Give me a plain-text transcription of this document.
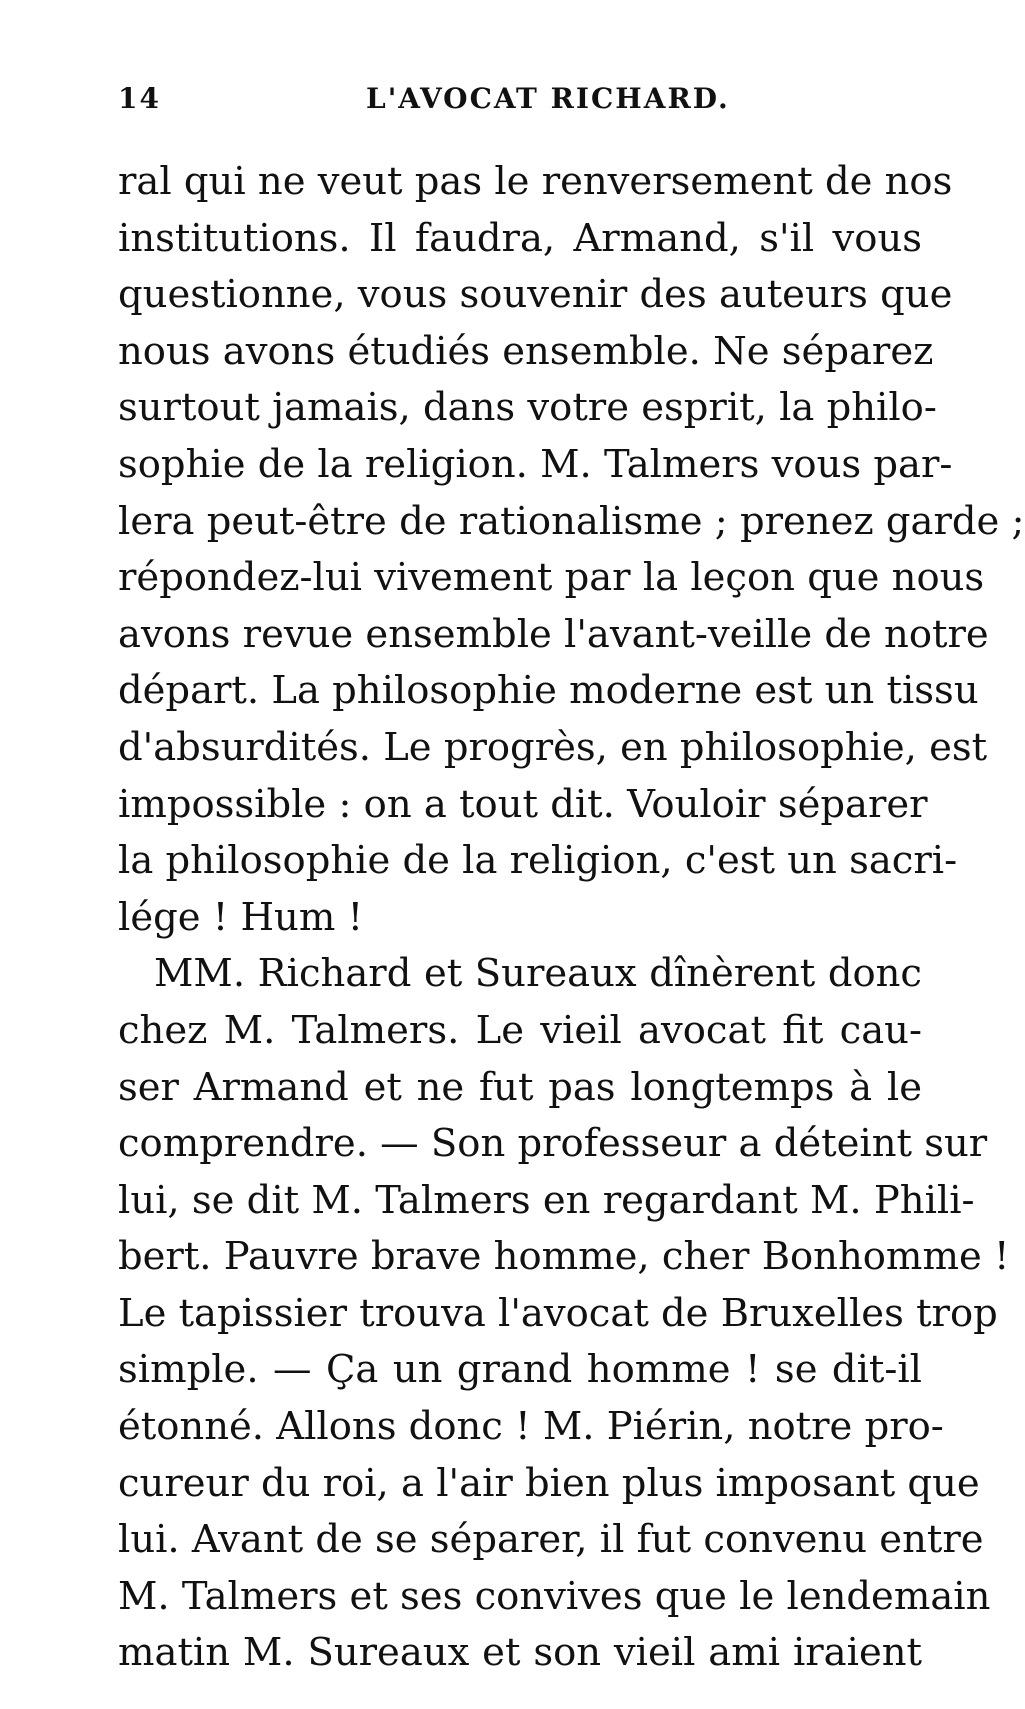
14	L'AVOCAT RICHARD.
ral qui ne veut pas le renversement de nos
institutions. Il faudra, Armand, s'il vous
questionne, vous souvenir des auteurs que
nous avons étudiés ensemble. Ne séparez
surtout jamais, dans votre esprit, la philo-
sophie de la religion. M. Talmers vous par-
lera peut-être de rationalisme ; prenez garde ;
répondez-lui vivement par la leçon que nous
avons revue ensemble l'avant-veille de notre
départ. La philosophie moderne est un tissu
d'absurdités. Le progrès, en philosophie, est
impossible : on a tout dit. Vouloir séparer
la philosophie de la religion, c'est un sacri-
lége ! Hum !
MM. Richard et Sureaux dînèrent donc
chez M. Talmers. Le vieil avocat fit cau-
ser Armand et ne fut pas longtemps à le
comprendre. — Son professeur a déteint sur
lui, se dit M. Talmers en regardant M. Phili-
bert. Pauvre brave homme, cher Bonhomme !
Le tapissier trouva l'avocat de Bruxelles trop
simple. — Ça un grand homme ! se dit-il
étonné. Allons donc ! M. Piérin, notre pro-
cureur du roi, a l'air bien plus imposant que
lui. Avant de se séparer, il fut convenu entre
M. Talmers et ses convives que le lendemain
matin M. Sureaux et son vieil ami iraient
